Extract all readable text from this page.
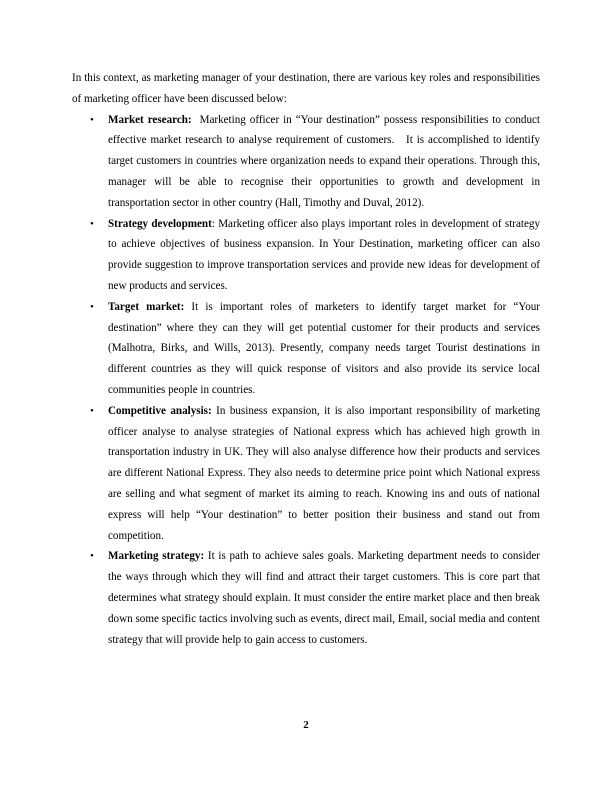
In this context, as marketing manager of your destination, there are various key roles and responsibilities of marketing officer have been discussed below:

• Market research:  Marketing officer in “Your destination” possess responsibilities to conduct effective market research to analyse requirement of customers.   It is accomplished to identify target customers in countries where organization needs to expand their operations. Through this, manager will be able to recognise their opportunities to growth and development in transportation sector in other country (Hall, Timothy and Duval, 2012).
• Strategy development: Marketing officer also plays important roles in development of strategy to achieve objectives of business expansion. In Your Destination, marketing officer can also provide suggestion to improve transportation services and provide new ideas for development of new products and services.
• Target market: It is important roles of marketers to identify target market for “Your destination” where they can they will get potential customer for their products and services (Malhotra, Birks, and Wills, 2013). Presently, company needs target Tourist destinations in different countries as they will quick response of visitors and also provide its service local communities people in countries.
• Competitive analysis: In business expansion, it is also important responsibility of marketing officer analyse to analyse strategies of National express which has achieved high growth in transportation industry in UK. They will also analyse difference how their products and services are different National Express. They also needs to determine price point which National express are selling and what segment of market its aiming to reach. Knowing ins and outs of national express will help “Your destination” to better position their business and stand out from competition.
• Marketing strategy: It is path to achieve sales goals. Marketing department needs to consider the ways through which they will find and attract their target customers. This is core part that determines what strategy should explain. It must consider the entire market place and then break down some specific tactics involving such as events, direct mail, Email, social media and content strategy that will provide help to gain access to customers.
2
